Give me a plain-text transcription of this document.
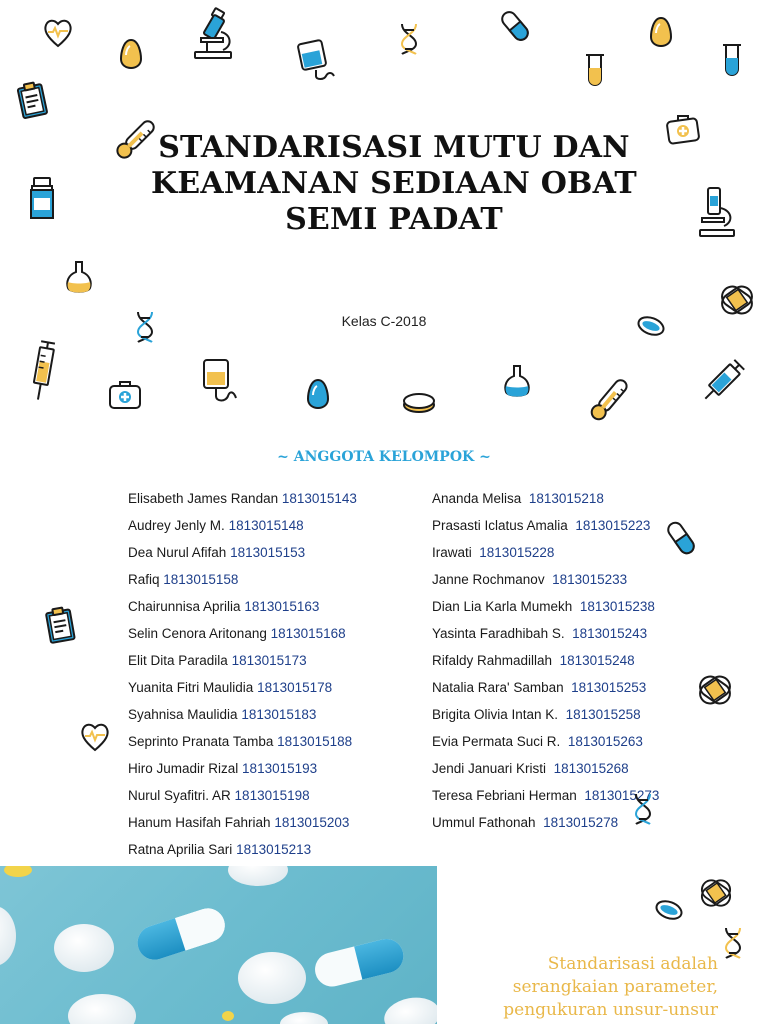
STANDARISASI MUTU DAN
KEAMANAN SEDIAAN OBAT
SEMI PADAT
Kelas C-2018
~ ANGGOTA KELOMPOK ~
Elisabeth James Randan 1813015143
Audrey Jenly M. 1813015148
Dea Nurul Afifah 1813015153
Rafiq 1813015158
Chairunnisa Aprilia 1813015163
Selin Cenora Aritonang 1813015168
Elit Dita Paradila 1813015173
Yuanita Fitri Maulidia 1813015178
Syahnisa Maulidia 1813015183
Seprinto Pranata Tamba 1813015188
Hiro Jumadir Rizal 1813015193
Nurul Syafitri. AR 1813015198
Hanum Hasifah Fahriah 1813015203
Ratna Aprilia Sari 1813015213
Ananda Melisa 1813015218
Prasasti Iclatus Amalia 1813015223
Irawati 1813015228
Janne Rochmanov 1813015233
Dian Lia Karla Mumekh 1813015238
Yasinta Faradhibah S. 1813015243
Rifaldy Rahmadillah 1813015248
Natalia Rara' Samban 1813015253
Brigita Olivia Intan K. 1813015258
Evia Permata Suci R. 1813015263
Jendi Januari Kristi 1813015268
Teresa Febriani Herman 1813015273
Ummul Fathonah 1813015278
Standarisasi adalah
serangkaian parameter,
pengukuran unsur-unsur
